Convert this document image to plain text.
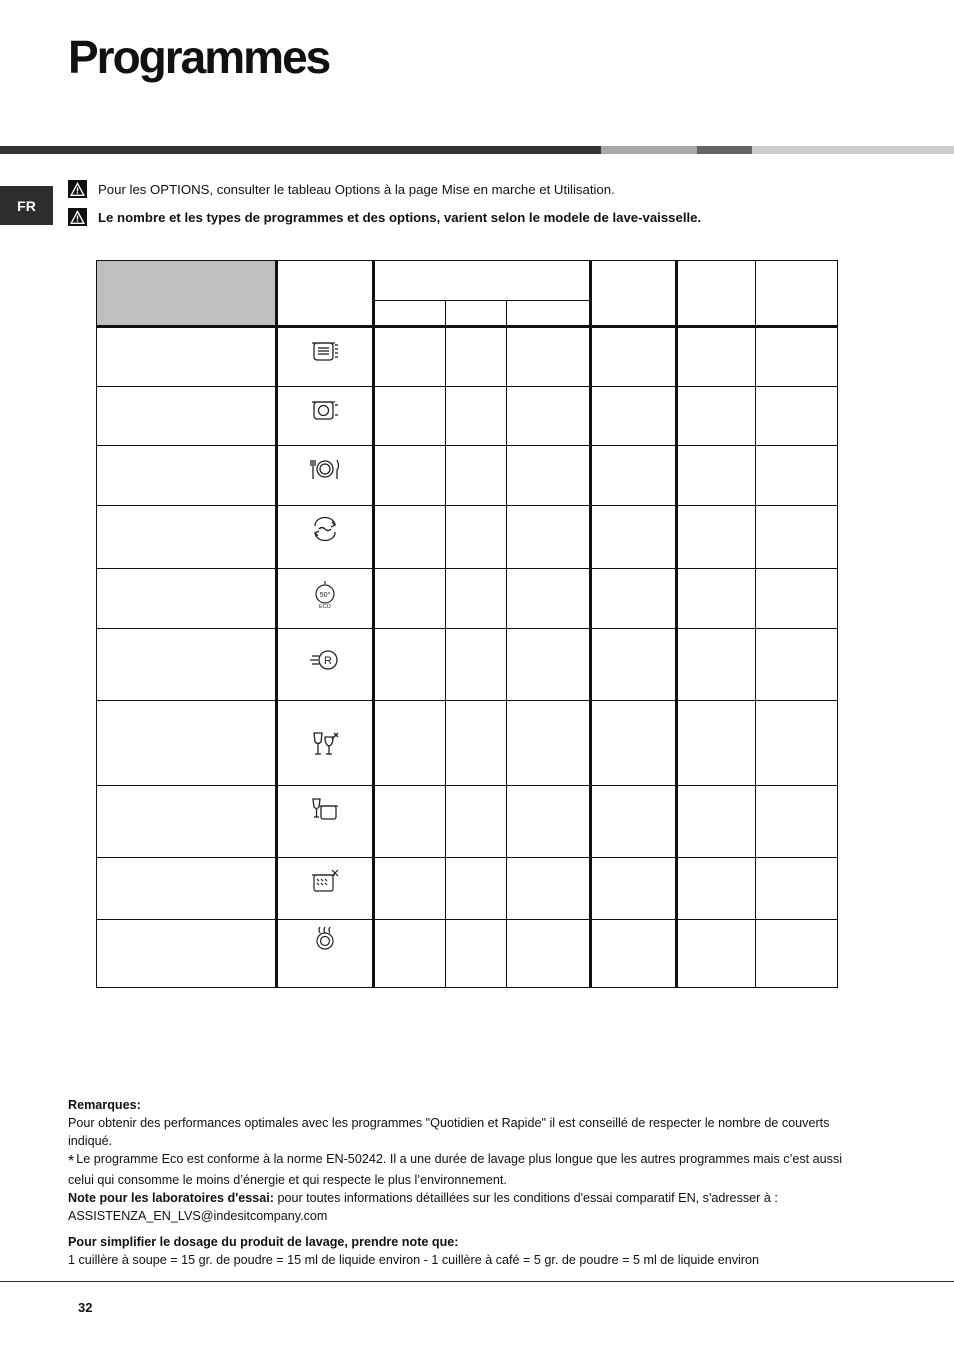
Programmes
FR
Pour les OPTIONS, consulter le tableau Options à la page Mise en marche et Utilisation.
Le nombre et les types de programmes et des options, varient selon le modele de lave-vaisselle.

50°
ECO						

R						

Remarques:
Pour obtenir des performances optimales avec les programmes "Quotidien et Rapide" il est conseillé de respecter le nombre de couverts indiqué.
* Le programme Eco est conforme à la norme EN-50242. Il a une durée de lavage plus longue que les autres programmes mais c’est aussi celui qui consomme le moins d’énergie et qui respecte le plus l’environnement.
Note pour les laboratoires d'essai: pour toutes informations détaillées sur les conditions d'essai comparatif EN, s'adresser à : ASSISTENZA_EN_LVS@indesitcompany.com
Pour simplifier le dosage du produit de lavage, prendre note que:
1 cuillère à soupe = 15 gr. de poudre = 15 ml de liquide environ - 1 cuillère à café = 5 gr. de poudre = 5 ml de liquide environ
32
